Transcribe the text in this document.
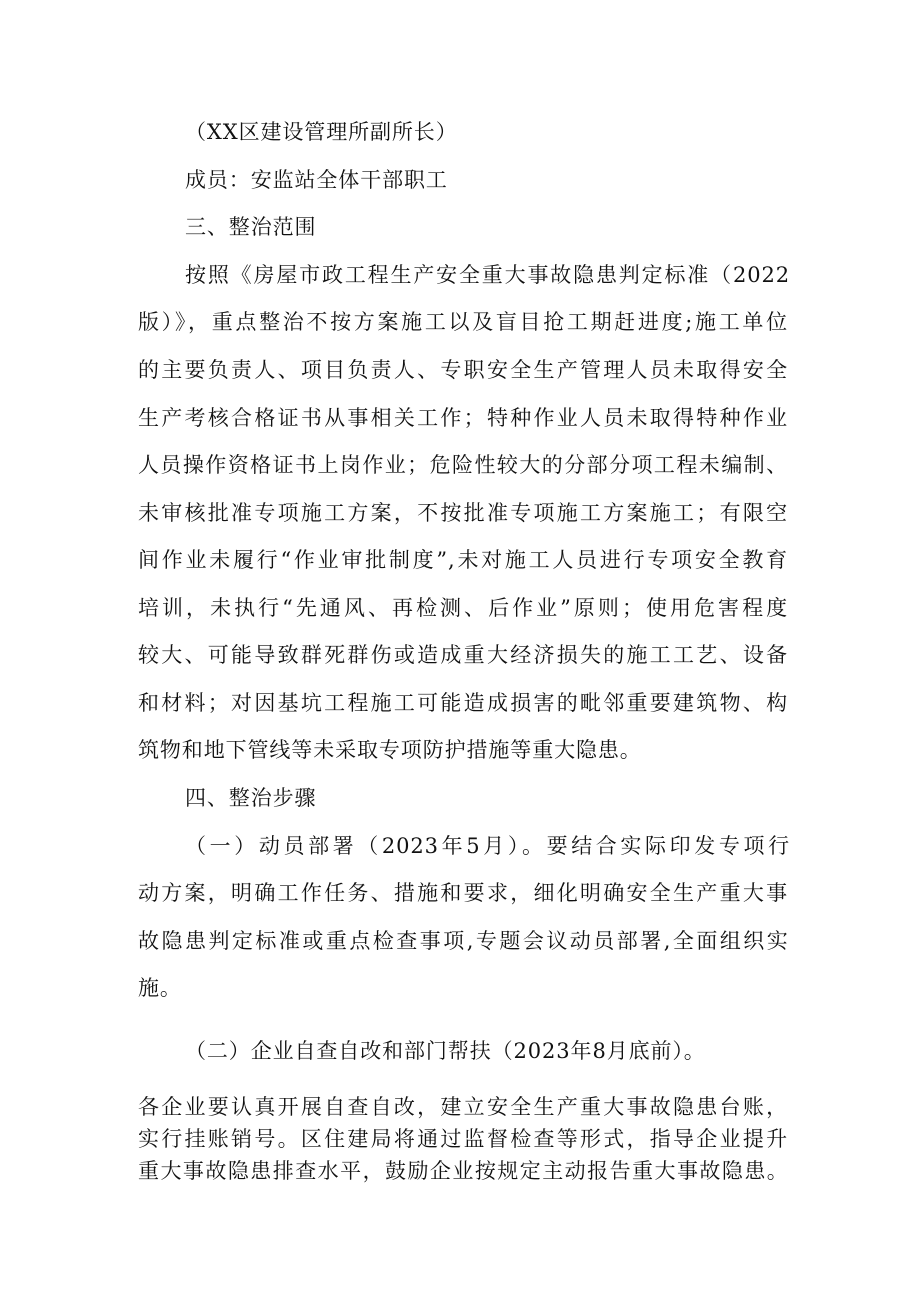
（XX区建设管理所副所长）
成员：安监站全体干部职工
三、整治范围
按照《房屋市政工程生产安全重大事故隐患判定标准（2022
版）》，重点整治不按方案施工以及盲目抢工期赶进度;施工单位
的主要负责人、项目负责人、专职安全生产管理人员未取得安全
生产考核合格证书从事相关工作；特种作业人员未取得特种作业
人员操作资格证书上岗作业；危险性较大的分部分项工程未编制、
未审核批准专项施工方案，不按批准专项施工方案施工；有限空
间作业未履行“作业审批制度”,未对施工人员进行专项安全教育
培训，未执行“先通风、再检测、后作业”原则；使用危害程度
较大、可能导致群死群伤或造成重大经济损失的施工工艺、设备
和材料；对因基坑工程施工可能造成损害的毗邻重要建筑物、构
筑物和地下管线等未采取专项防护措施等重大隐患。
四、整治步骤
（一）动员部署（2023年5月）。要结合实际印发专项行
动方案，明确工作任务、措施和要求，细化明确安全生产重大事
故隐患判定标准或重点检查事项,专题会议动员部署,全面组织实
施。
（二）企业自查自改和部门帮扶（2023年8月底前）。
各企业要认真开展自查自改，建立安全生产重大事故隐患台账，
实行挂账销号。区住建局将通过监督检查等形式，指导企业提升
重大事故隐患排查水平，鼓励企业按规定主动报告重大事故隐患。
